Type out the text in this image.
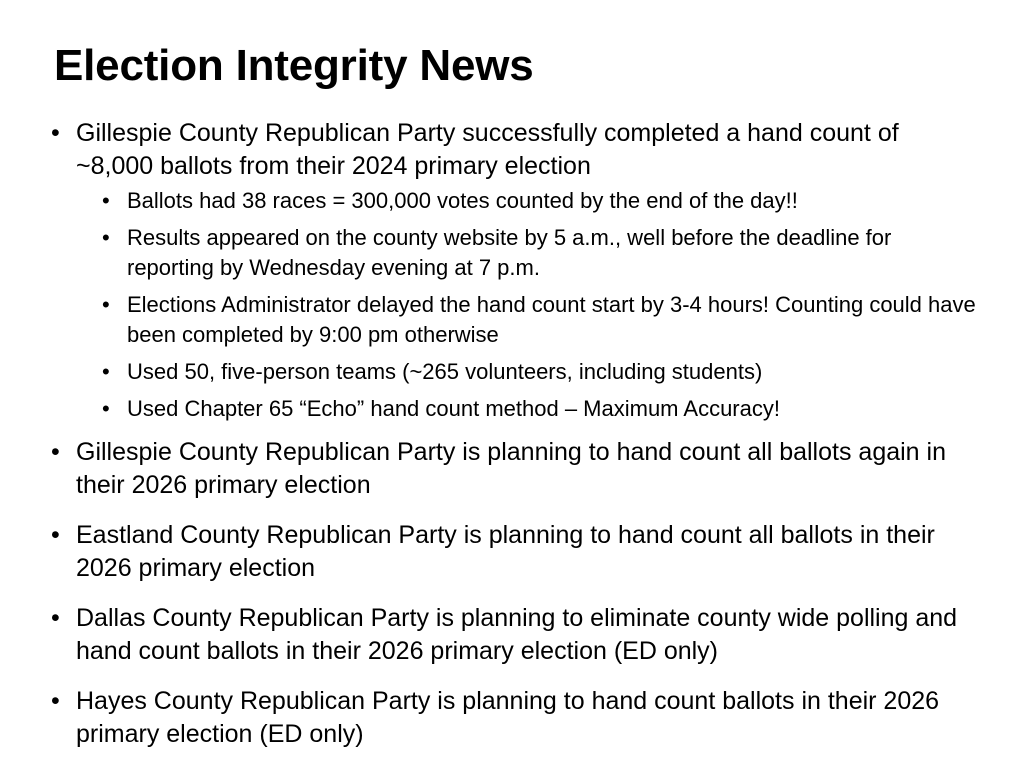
Election Integrity News
• Gillespie County Republican Party successfully completed a hand count of ~8,000 ballots from their 2024 primary election
• Ballots had 38 races = 300,000 votes counted by the end of the day!!
• Results appeared on the county website by 5 a.m., well before the deadline for reporting by Wednesday evening at 7 p.m.
• Elections Administrator delayed the hand count start by 3-4 hours! Counting could have been completed by 9:00 pm otherwise
• Used 50, five-person teams (~265 volunteers, including students)
• Used Chapter 65 “Echo” hand count method – Maximum Accuracy!
• Gillespie County Republican Party is planning to hand count all ballots again in their 2026 primary election
• Eastland County Republican Party is planning to hand count all ballots in their 2026 primary election
• Dallas County Republican Party is planning to eliminate county wide polling and hand count ballots in their 2026 primary election (ED only)
• Hayes County Republican Party is planning to hand count ballots in their 2026 primary election (ED only)
